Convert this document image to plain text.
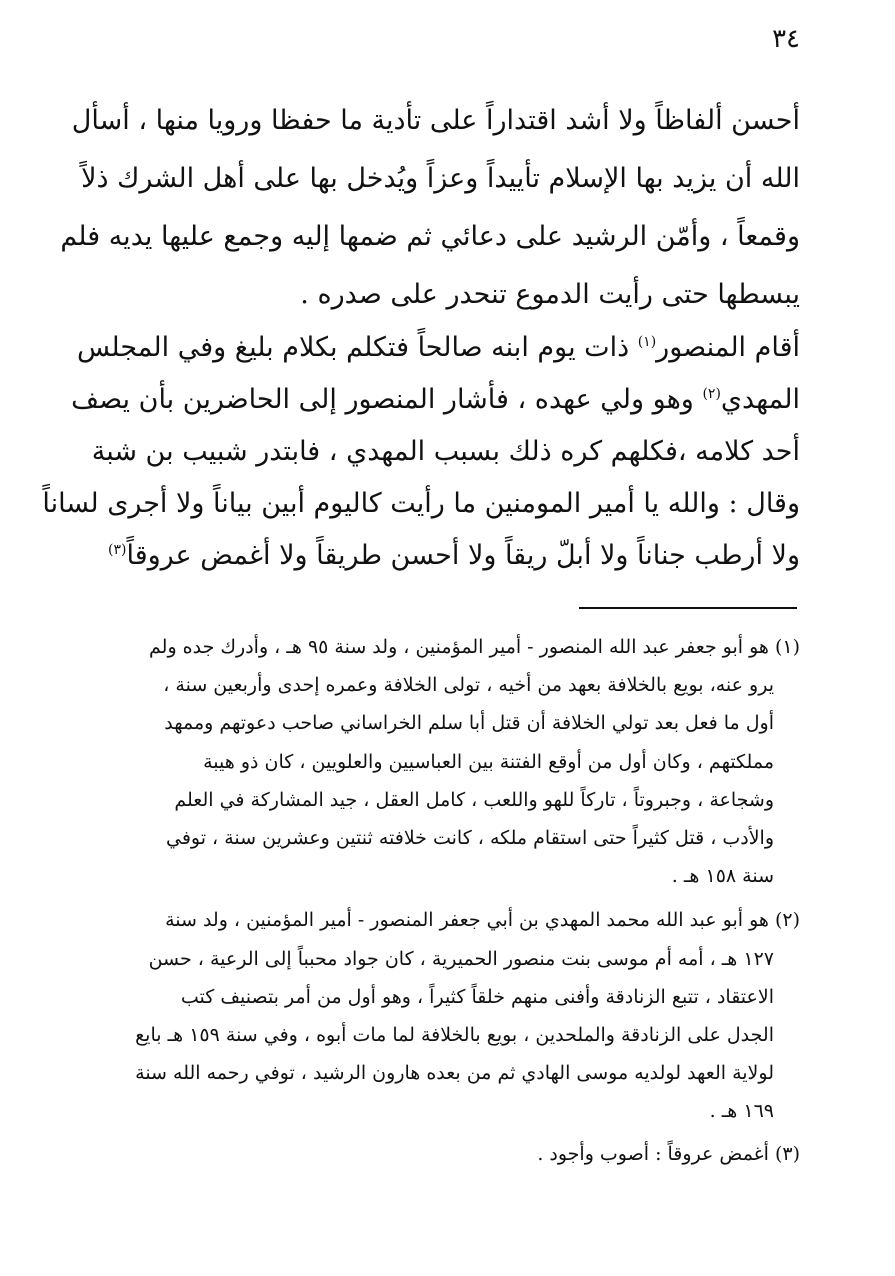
٣٤
أحسن ألفاظاً ولا أشد اقتداراً على تأدية ما حفظا ورويا منها ، أسأل
الله أن يزيد بها الإسلام تأييداً وعزاً ويُدخل بها على أهل الشرك ذلاً
وقمعاً ، وأمّن الرشيد على دعائي ثم ضمها إليه وجمع عليها يديه فلم
يبسطها حتى رأيت الدموع تنحدر على صدره .
أقام المنصور$^{(١)}$ ذات يوم ابنه صالحاً فتكلم بكلام بليغ وفي المجلس
المهدي$^{(٢)}$ وهو ولي عهده ، فأشار المنصور إلى الحاضرين بأن يصف
أحد كلامه ،فكلهم كره ذلك بسبب المهدي ، فابتدر شبيب بن شبة
وقال : والله يا أمير المومنين ما رأيت كاليوم أبين بياناً ولا أجرى لساناً
ولا أرطب جناناً ولا أبلّ ريقاً ولا أحسن طريقاً ولا أغمض عروقاً$^{(٣)}$
(١) هو أبو جعفر عبد الله المنصور - أمير المؤمنين ، ولد سنة ٩٥ هـ ، وأدرك جده ولم
يرو عنه، بويع بالخلافة بعهد من أخيه ، تولى الخلافة وعمره إحدى وأربعين سنة ،
أول ما فعل بعد تولي الخلافة أن قتل أبا سلم الخراساني صاحب دعوتهم وممهد
مملكتهم ، وكان أول من أوقع الفتنة بين العباسيين والعلويين ، كان ذو هيبة
وشجاعة ، وجبروتاً ، تاركاً للهو واللعب ، كامل العقل ، جيد المشاركة في العلم
والأدب ، قتل كثيراً حتى استقام ملكه ، كانت خلافته ثنتين وعشرين سنة ، توفي
سنة ١٥٨ هـ .
(٢) هو أبو عبد الله محمد المهدي بن أبي جعفر المنصور - أمير المؤمنين ، ولد سنة
١٢٧ هـ ، أمه أم موسى بنت منصور الحميرية ، كان جواد محبباً إلى الرعية ، حسن
الاعتقاد ، تتبع الزنادقة وأفنى منهم خلقاً كثيراً ، وهو أول من أمر بتصنيف كتب
الجدل على الزنادقة والملحدين ، بويع بالخلافة لما مات أبوه ، وفي سنة ١٥٩ هـ بايع
لولاية العهد لولديه موسى الهادي ثم من بعده هارون الرشيد ، توفي رحمه الله سنة
١٦٩ هـ .
(٣) أغمض عروقاً : أصوب وأجود .
